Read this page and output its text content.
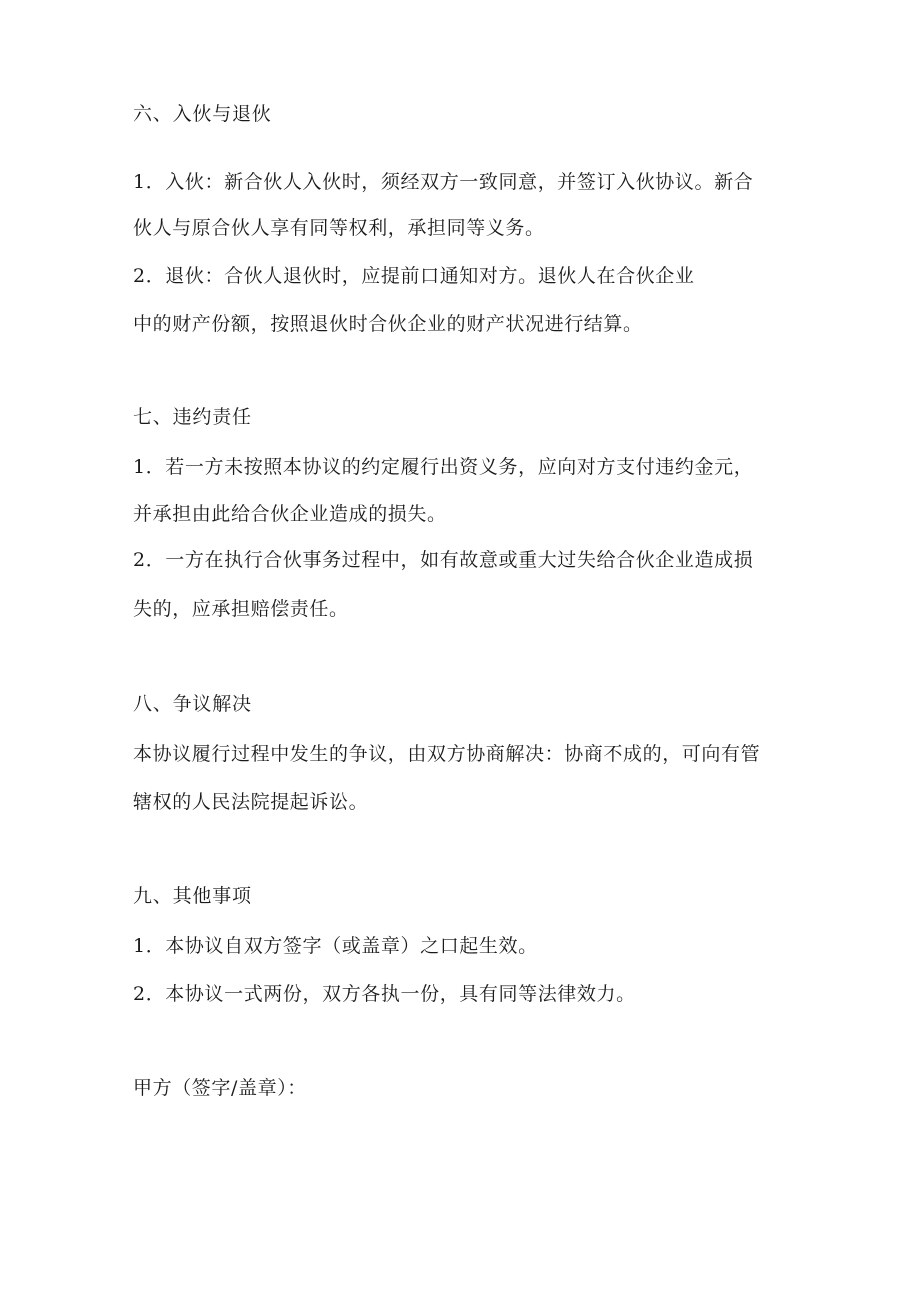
六、入伙与退伙
1．入伙：新合伙人入伙时，须经双方一致同意，并签订入伙协议。新合
伙人与原合伙人享有同等权利，承担同等义务。
2．退伙：合伙人退伙时，应提前口通知对方。退伙人在合伙企业
中的财产份额，按照退伙时合伙企业的财产状况进行结算。
七、违约责任
1．若一方未按照本协议的约定履行出资义务，应向对方支付违约金元，
并承担由此给合伙企业造成的损失。
2．一方在执行合伙事务过程中，如有故意或重大过失给合伙企业造成损
失的，应承担赔偿责任。
八、争议解决
本协议履行过程中发生的争议，由双方协商解决：协商不成的，可向有管
辖权的人民法院提起诉讼。
九、其他事项
1．本协议自双方签字（或盖章）之口起生效。
2．本协议一式两份，双方各执一份，具有同等法律效力。
甲方（签字/盖章）：
